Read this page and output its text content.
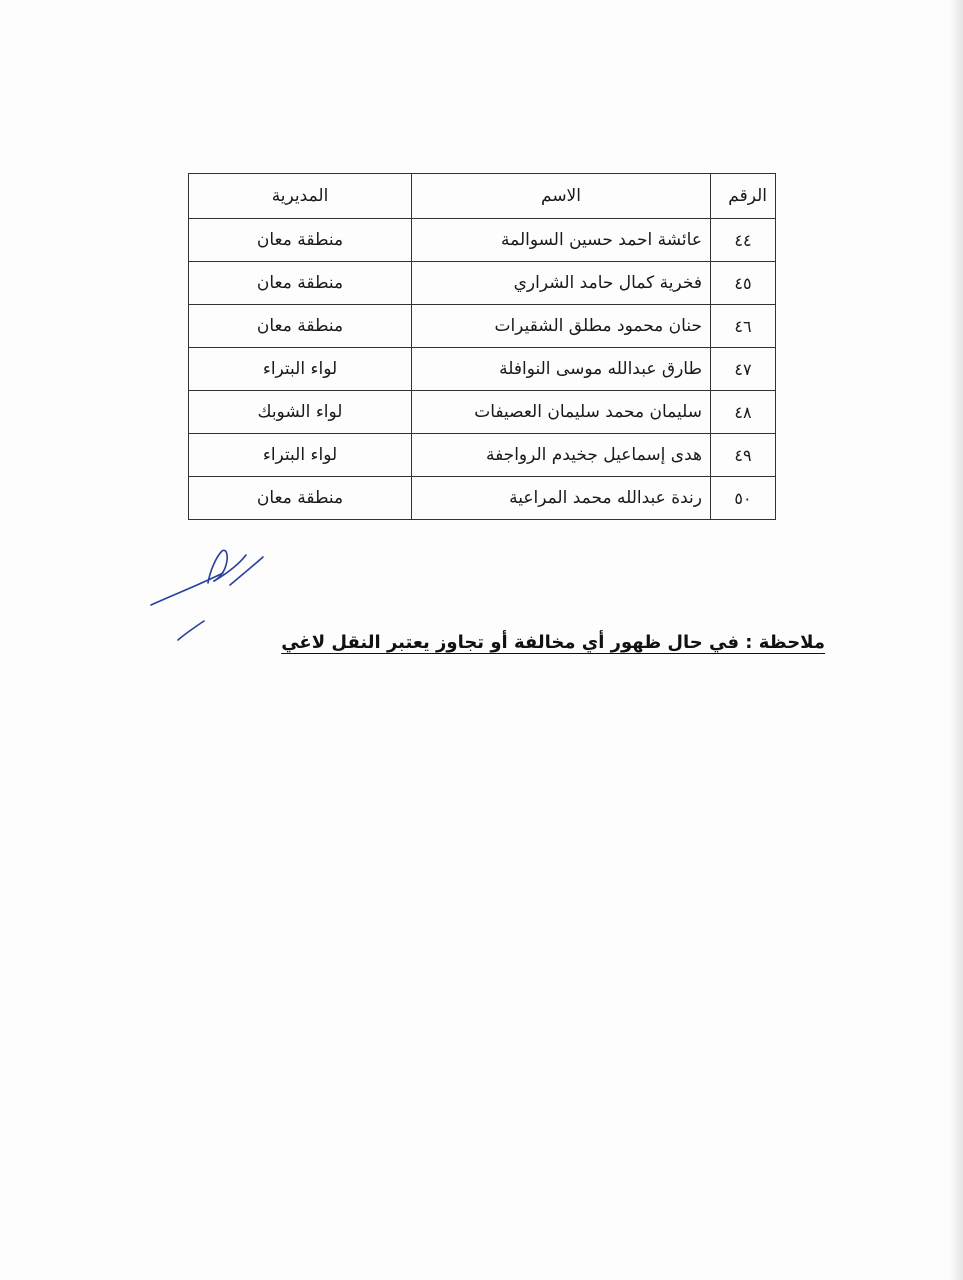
الرقم	الاسم	المديرية
٤٤	عائشة احمد حسين السوالمة	منطقة معان
٤٥	فخرية كمال حامد الشراري	منطقة معان
٤٦	حنان محمود مطلق الشقيرات	منطقة معان
٤٧	طارق عبدالله موسى النوافلة	لواء البتراء
٤٨	سليمان محمد سليمان العصيفات	لواء الشوبك
٤٩	هدى إسماعيل جخيدم الرواجفة	لواء البتراء
٥٠	رندة عبدالله محمد المراعية	منطقة معان
ملاحظة : في حال ظهور أي مخالفة أو تجاوز يعتبر النقل لاغي
